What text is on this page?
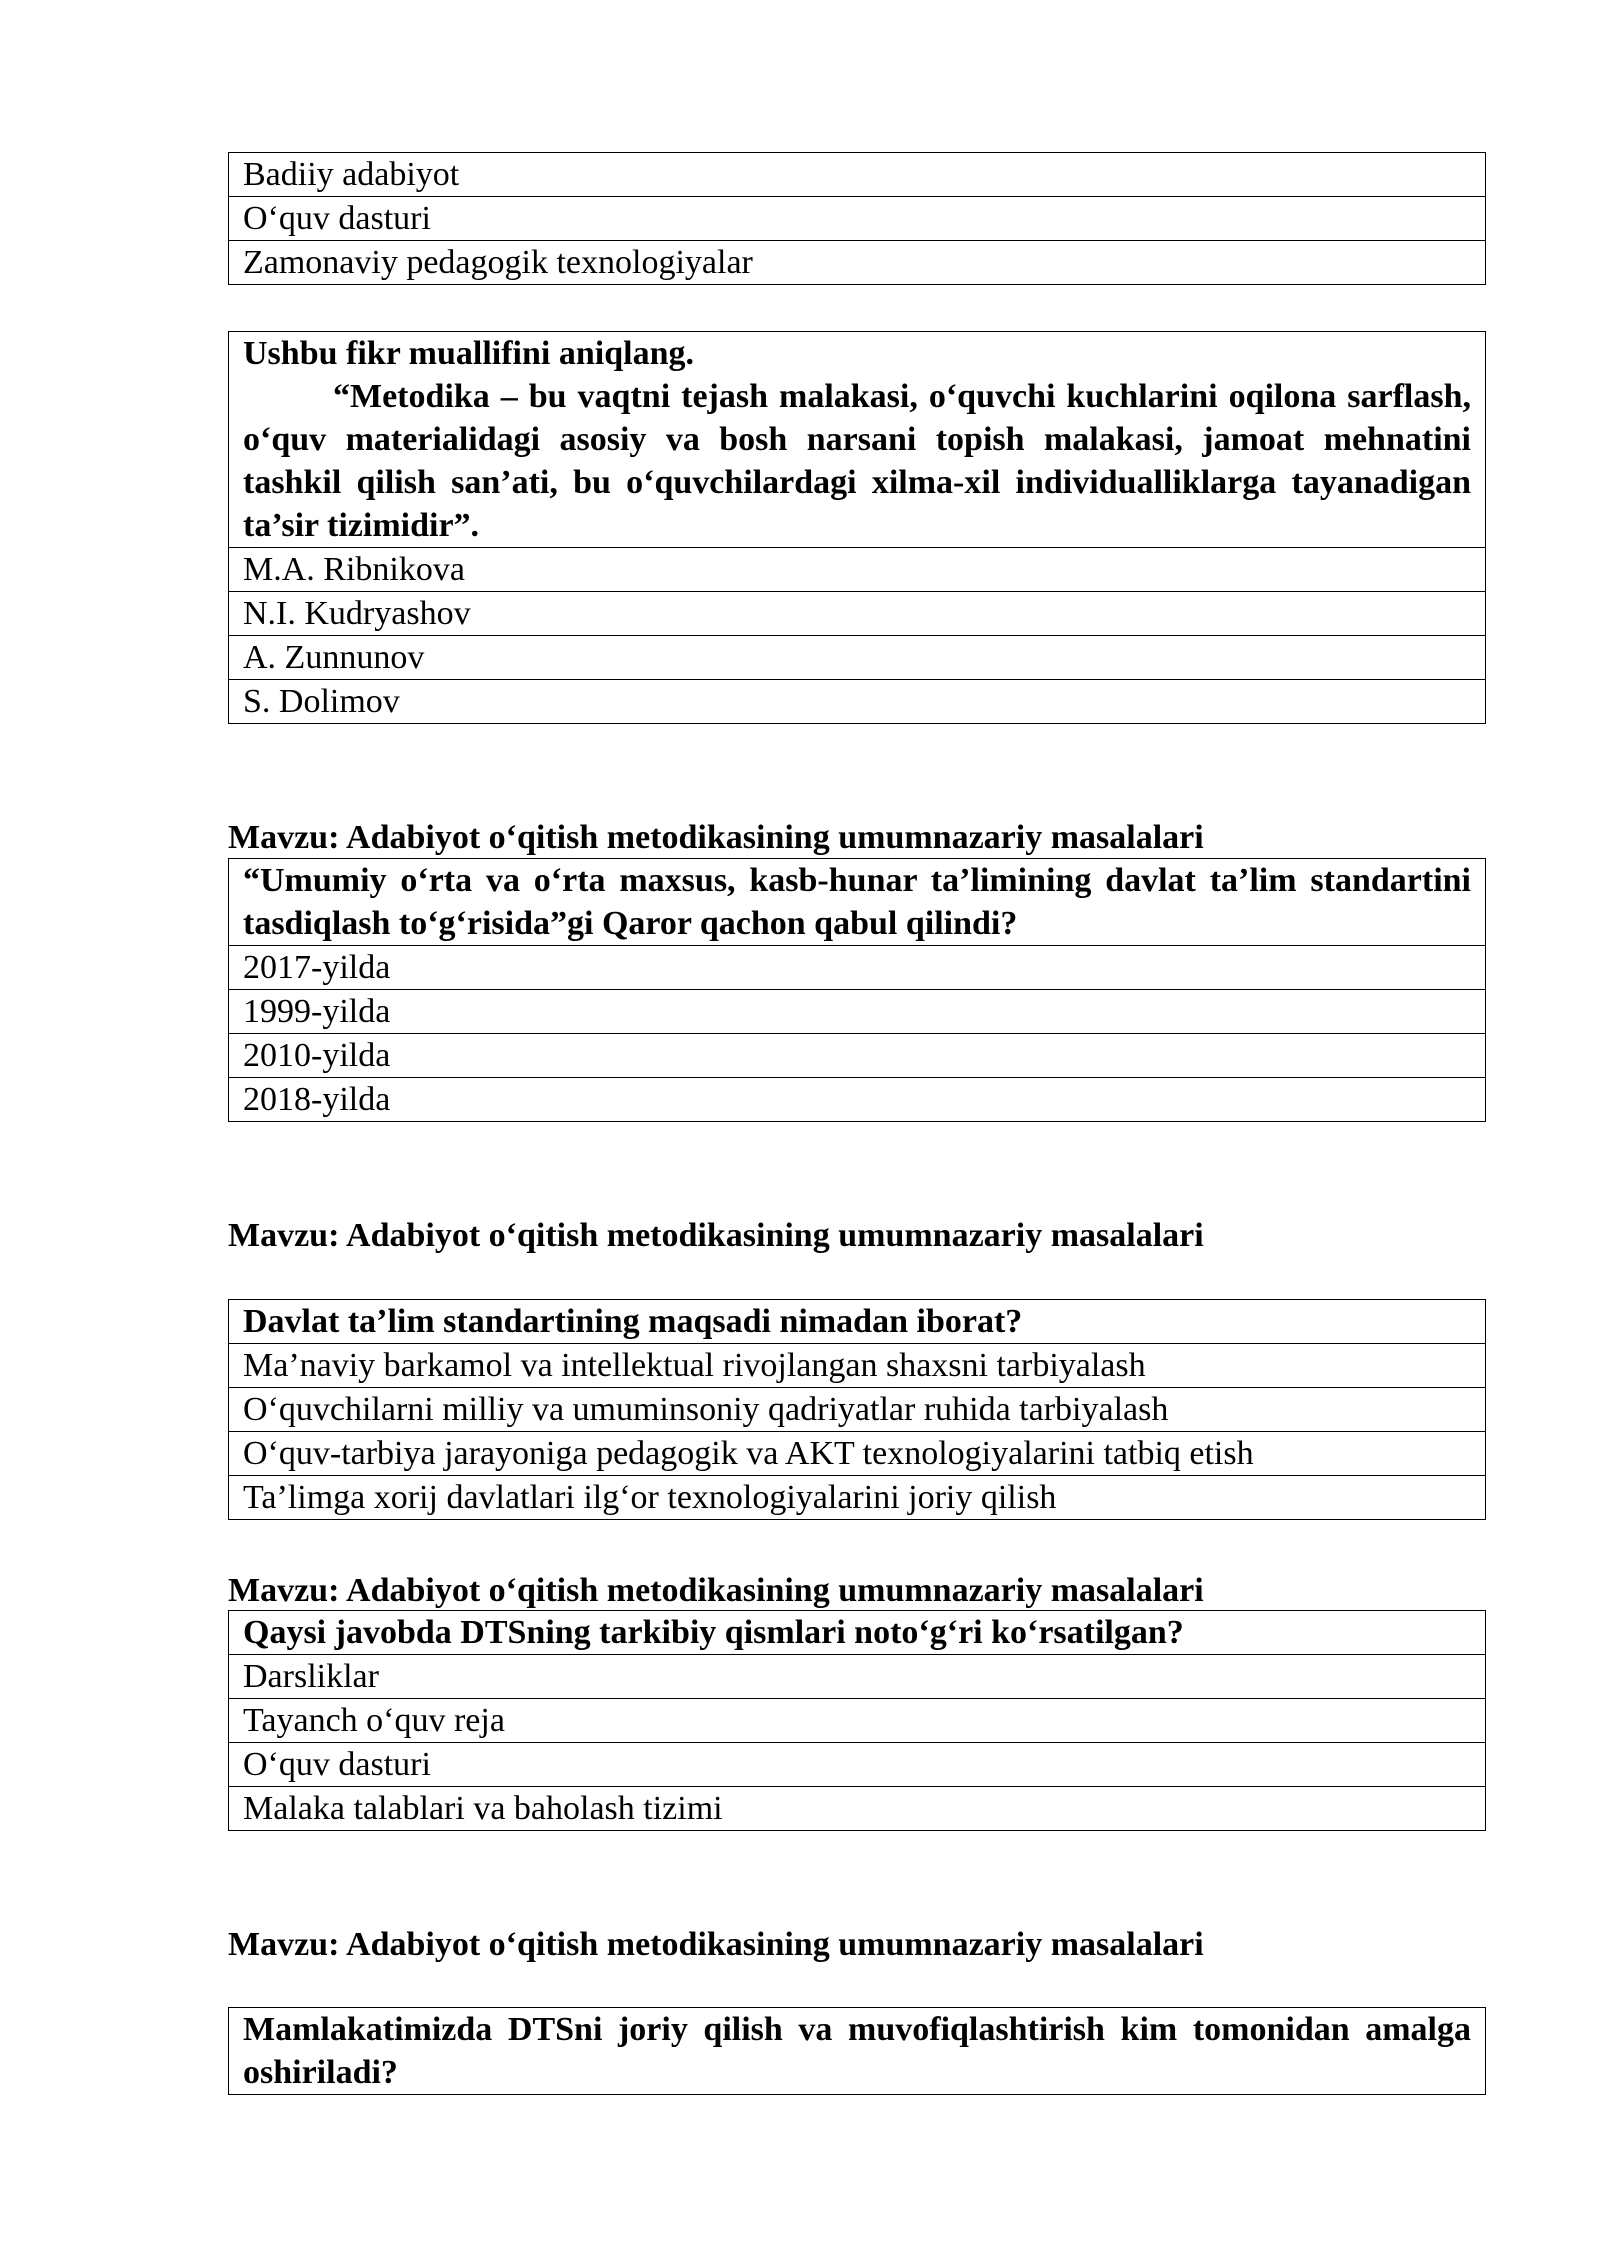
Badiiy adabiyot
O‘quv dasturi
Zamonaviy pedagogik texnologiyalar
Ushbu fikr muallifini aniqlang.
“Metodika – bu vaqtni tejash malakasi, o‘quvchi kuchlarini oqilona sarflash, o‘quv materialidagi asosiy va bosh narsani topish malakasi, jamoat mehnatini tashkil qilish san’ati, bu o‘quvchilardagi xilma-xil individualliklarga tayanadigan ta’sir tizimidir”.

M.A. Ribnikova
N.I. Kudryashov
A. Zunnunov
S. Dolimov
Mavzu: Adabiyot o‘qitish metodikasining umumnazariy masalalari
“Umumiy o‘rta va o‘rta maxsus, kasb-hunar ta’limining davlat ta’lim standartini tasdiqlash to‘g‘risida”gi Qaror qachon qabul qilindi?
2017-yilda
1999-yilda
2010-yilda
2018-yilda
Mavzu: Adabiyot o‘qitish metodikasining umumnazariy masalalari
Davlat ta’lim standartining maqsadi nimadan iborat?
Ma’naviy barkamol va intellektual rivojlangan shaxsni tarbiyalash
O‘quvchilarni milliy va umuminsoniy qadriyatlar ruhida tarbiyalash
O‘quv-tarbiya jarayoniga pedagogik va AKT texnologiyalarini tatbiq etish
Ta’limga xorij davlatlari ilg‘or texnologiyalarini joriy qilish
Mavzu: Adabiyot o‘qitish metodikasining umumnazariy masalalari
Qaysi javobda DTSning tarkibiy qismlari noto‘g‘ri ko‘rsatilgan?
Darsliklar
Tayanch o‘quv reja
O‘quv dasturi
Malaka talablari va baholash tizimi
Mavzu: Adabiyot o‘qitish metodikasining umumnazariy masalalari
Mamlakatimizda DTSni joriy qilish va muvofiqlashtirish kim tomonidan amalga oshiriladi?
